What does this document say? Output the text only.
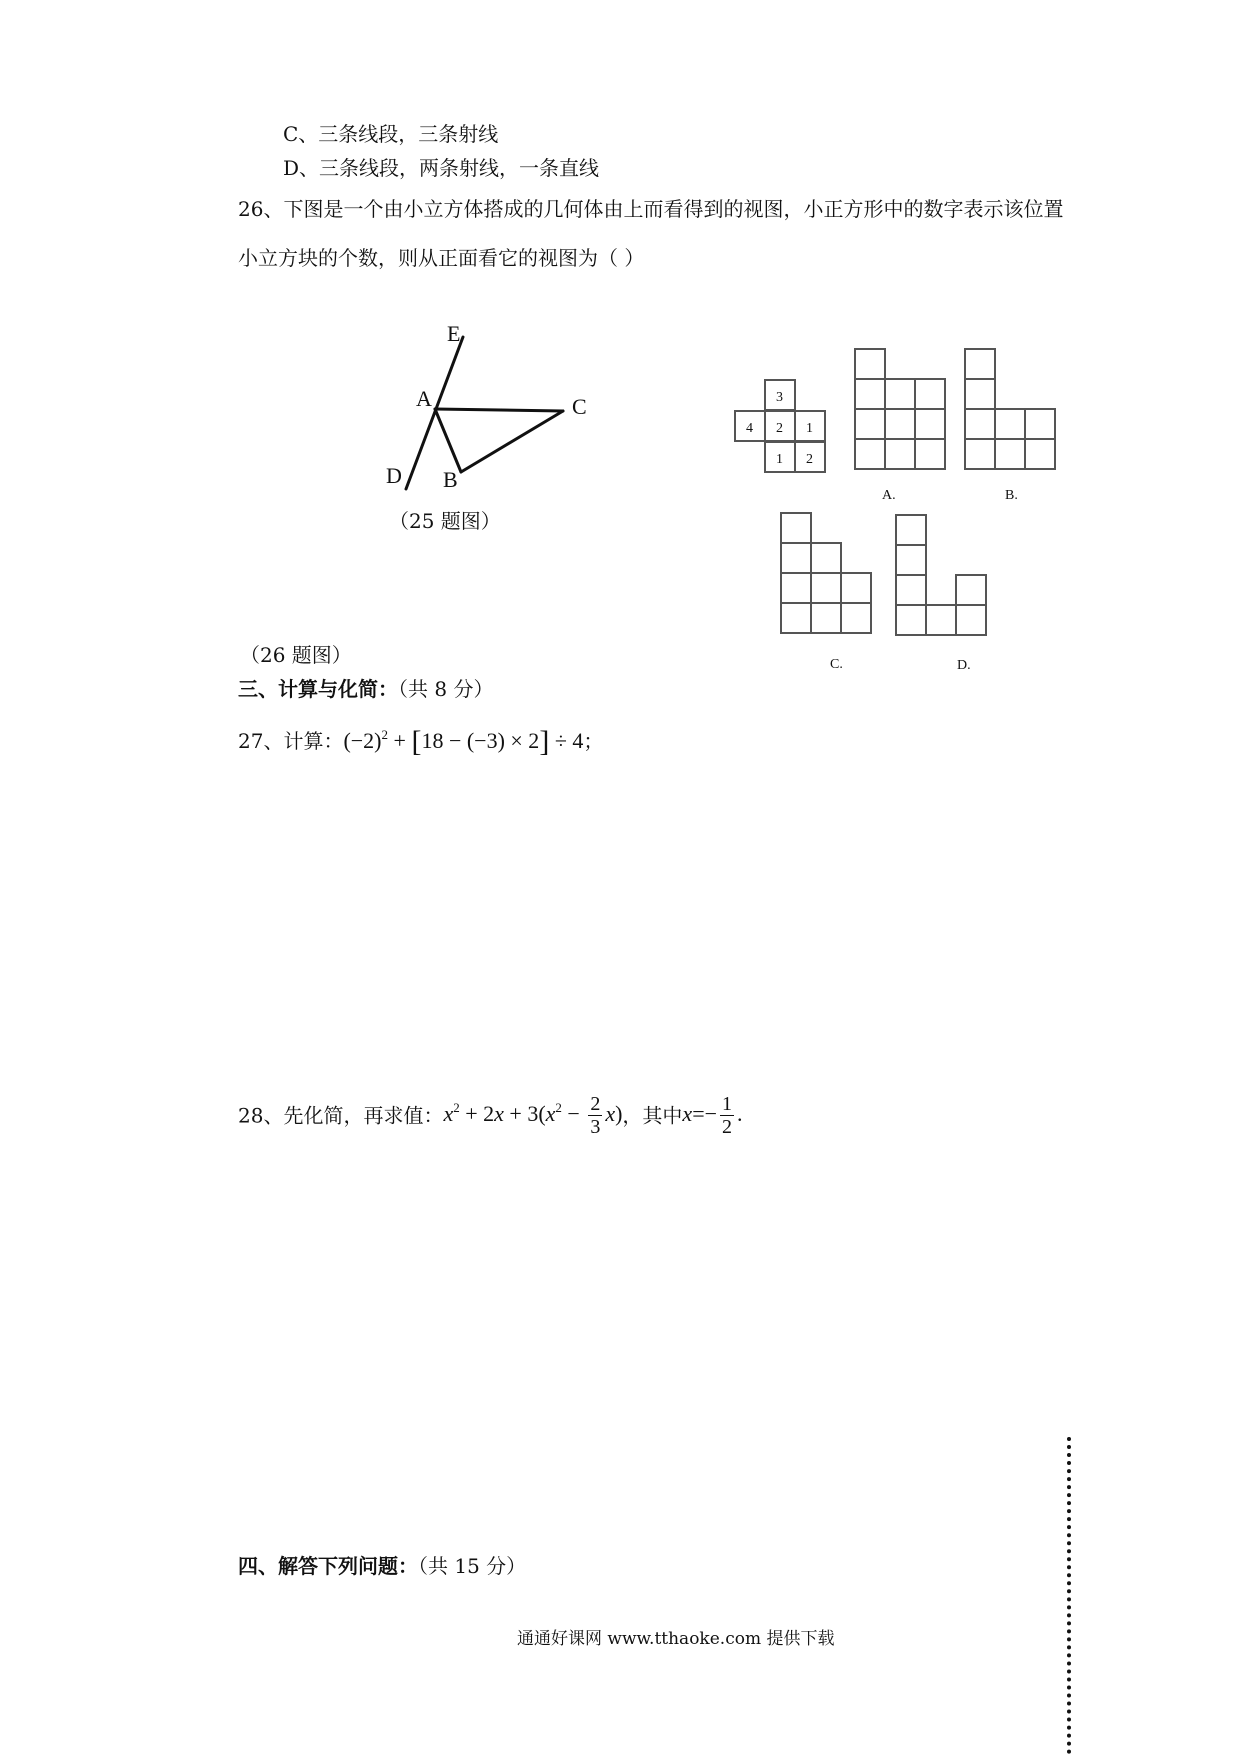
C、三条线段，三条射线
D、三条线段，两条射线，一条直线
26、下图是一个由小立方体搭成的几何体由上而看得到的视图，小正方形中的数字表示该位置
小立方块的个数，则从正面看它的视图为（ ）
E
A	C
D B
（25 题图）
3
4 2 1
1 2
A.	B.
C.	D.
（26 题图）
三、计算与化简：（共 8 分）
27、计算：$(-2)^2 + [18 - (-3) \times 2] \div 4$；
28、先化简，再求值：$x^2 + 2x + 3(x^2 - \frac{2}{3} x)$，其中$x=- \frac{1}{2}$ .
四、解答下列问题：（共 15 分）
通通好课网 www.tthaoke.com 提供下载
